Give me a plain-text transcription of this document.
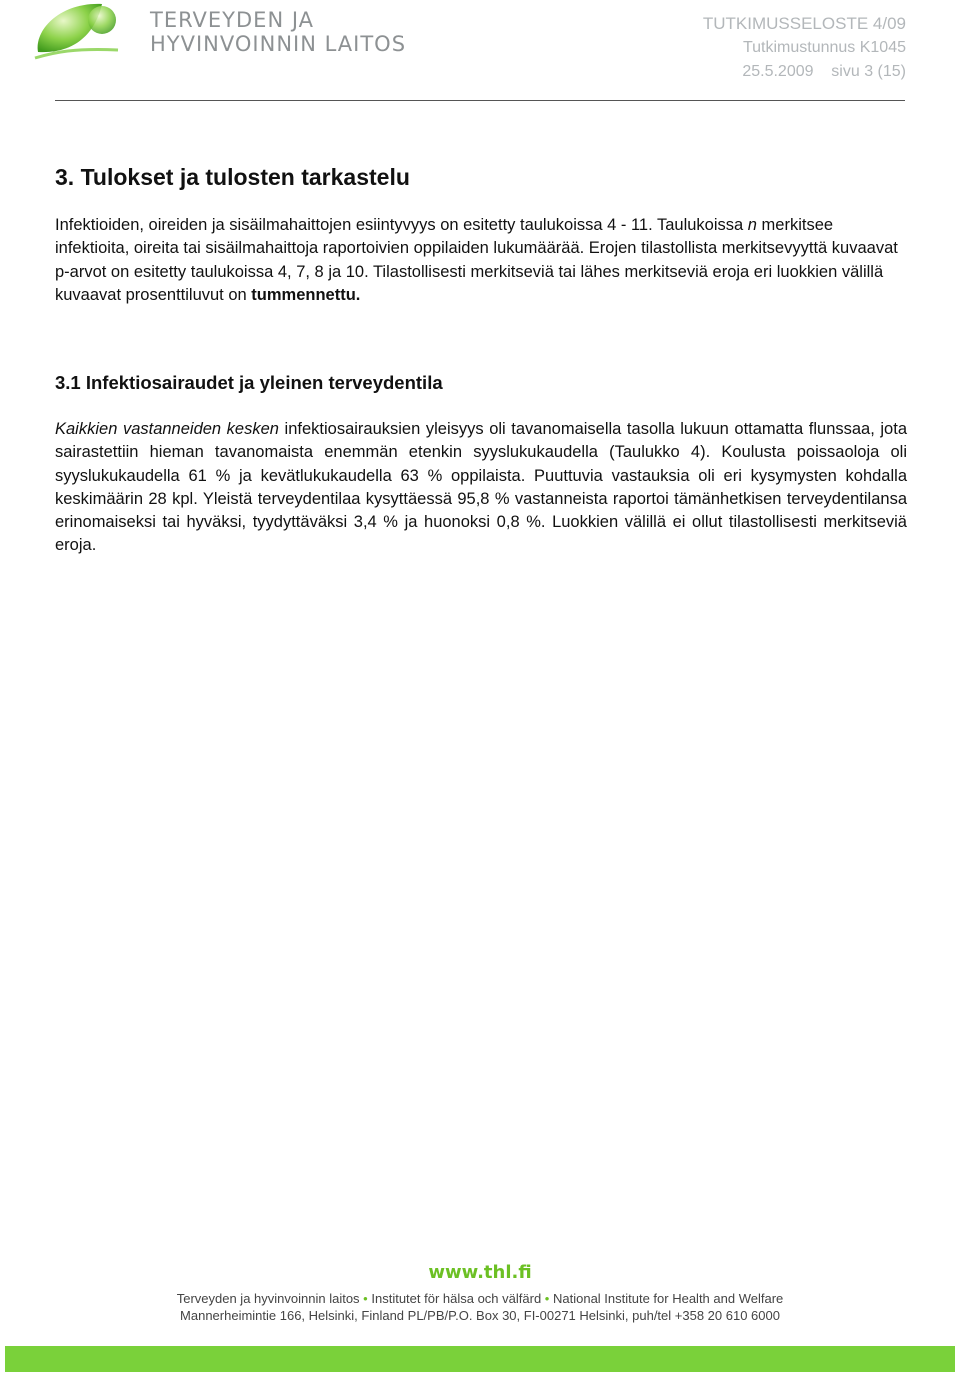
TERVEYDEN JA
HYVINVOINNIN LAITOS
TUTKIMUSSELOSTE 4/09
Tutkimustunnus K1045
25.5.2009    sivu 3 (15)
3. Tulokset ja tulosten tarkastelu

Infektioiden, oireiden ja sisäilmahaittojen esiintyvyys on esitetty taulukoissa 4 - 11. Taulukoissa n merkitsee infektioita, oireita tai sisäilmahaittoja raportoivien oppilaiden lukumäärää. Erojen tilastollista merkitsevyyttä kuvaavat p-arvot on esitetty taulukoissa 4, 7, 8 ja 10. Tilastollisesti merkitseviä tai lähes merkitseviä eroja eri luokkien välillä kuvaavat prosenttiluvut on tummennettu.

3.1 Infektiosairaudet ja yleinen terveydentila

Kaikkien vastanneiden kesken infektiosairauksien yleisyys oli tavanomaisella tasolla lukuun ottamatta flunssaa, jota sairastettiin hieman tavanomaista enemmän etenkin syyslukukaudella (Taulukko 4). Koulusta poissaoloja oli syyslukukaudella 61 % ja kevätlukukaudella 63 % oppilaista. Puuttuvia vastauksia oli eri kysymysten kohdalla keskimäärin 28 kpl. Yleistä terveydentilaa kysyttäessä 95,8 % vastanneista raportoi tämänhetkisen terveydentilansa erinomaiseksi tai hyväksi, tyydyttäväksi 3,4 % ja huonoksi 0,8 %. Luokkien välillä ei ollut tilastollisesti merkitseviä eroja.

www.thl.fi
Terveyden ja hyvinvoinnin laitos • Institutet för hälsa och välfärd • National Institute for Health and Welfare
Mannerheimintie 166, Helsinki, Finland PL/PB/P.O. Box 30, FI-00271 Helsinki, puh/tel +358 20 610 6000
